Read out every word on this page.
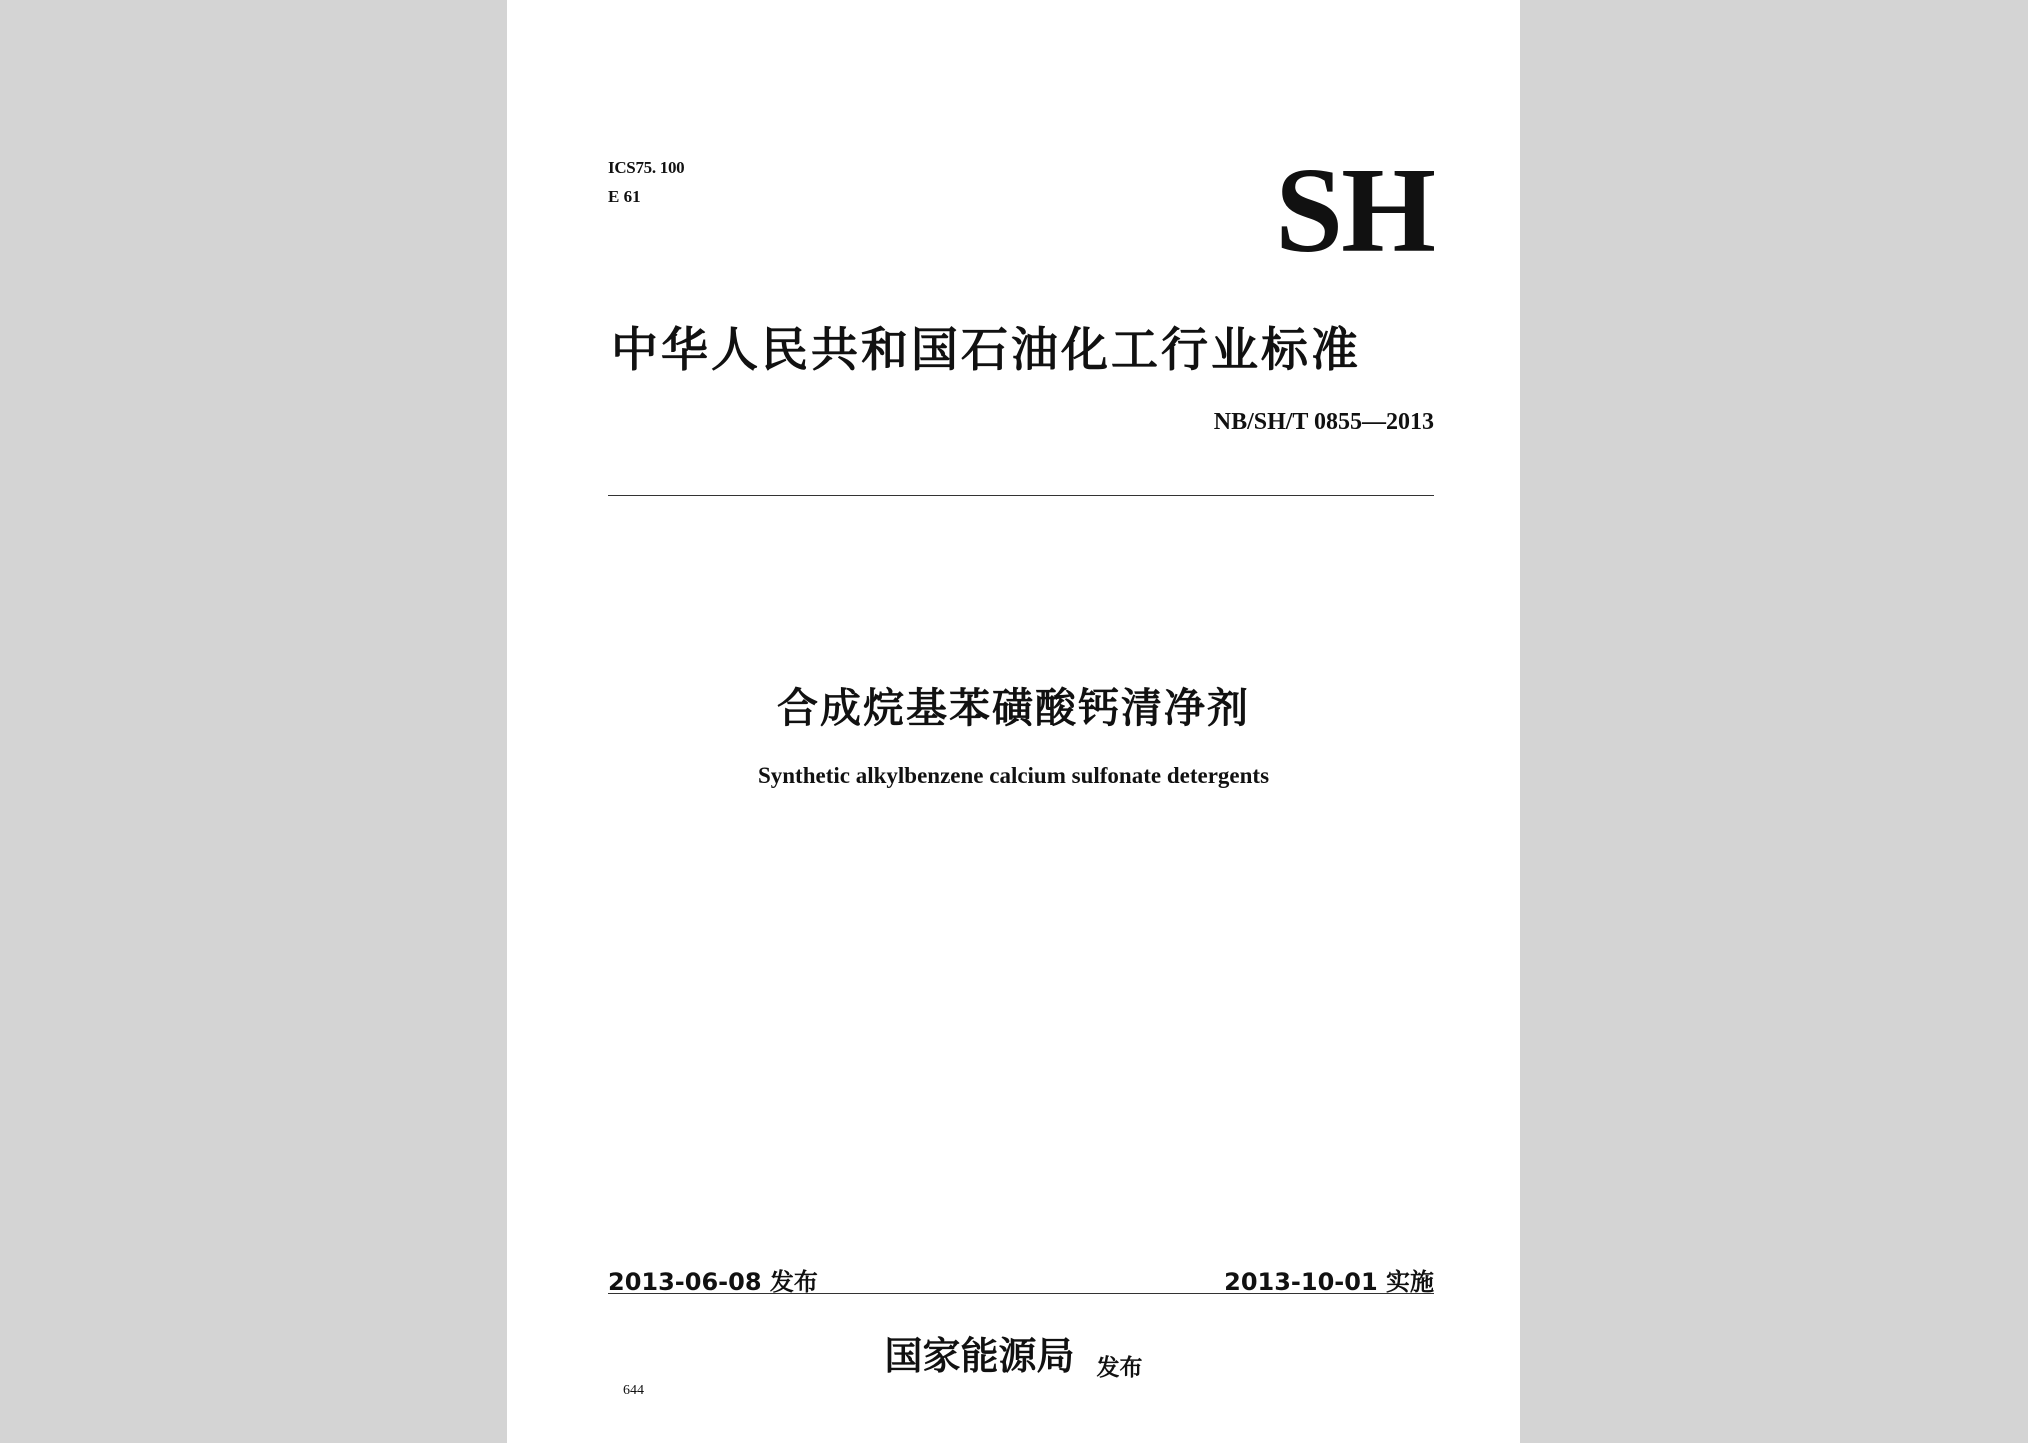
ICS75. 100
E 61	SH
中华人民共和国石油化工行业标准
NB/SH/T 0855—2013
合成烷基苯磺酸钙清净剂
Synthetic alkylbenzene calcium sulfonate detergents
2013-06-08 发布	2013-10-01 实施
国家能源局 发布
644
